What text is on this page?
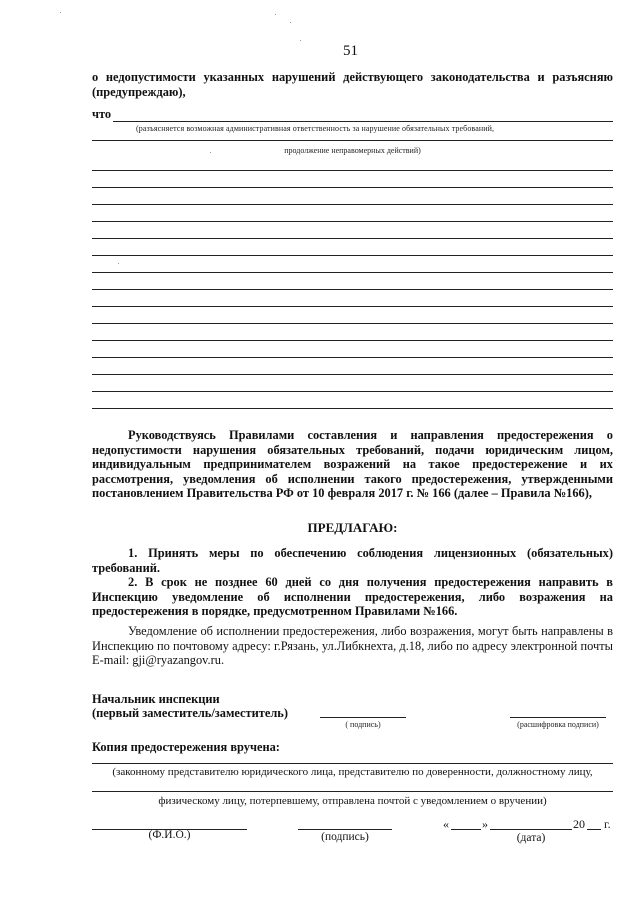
51
о недопустимости указанных нарушений действующего законодательства и разъясняю (предупреждаю),
что
(разъясняется возможная административная ответственность за нарушение обязательных требований,
продолжение неправомерных действий)
Руководствуясь Правилами составления и направления предостережения о недопустимости нарушения обязательных требований, подачи юридическим лицом, индивидуальным предпринимателем возражений на такое предостережение и их рассмотрения, уведомления об исполнении такого предостережения, утвержденными постановлением Правительства РФ от 10 февраля 2017 г. № 166 (далее – Правила №166),
ПРЕДЛАГАЮ:
1. Принять меры по обеспечению соблюдения лицензионных (обязательных) требований.
2. В срок не позднее 60 дней со дня получения предостережения направить в Инспекцию уведомление об исполнении предостережения, либо возражения на предостережения в порядке, предусмотренном Правилами №166.
Уведомление об исполнении предостережения, либо возражения, могут быть направлены в Инспекцию по почтовому адресу: г.Рязань, ул.Либкнехта, д.18, либо по адресу электронной почты E-mail: gji@ryazangov.ru.
Начальник инспекции
(первый заместитель/заместитель)
( подпись)	(расшифровка подписи)
Копия предостережения вручена:
(законному представителю юридического лица, представителю по доверенности, должностному лицу,
физическому лицу, потерпевшему, отправлена почтой с уведомлением о вручении)
(Ф.И.О.)	(подпись)
«	»	20 г.
(дата)
